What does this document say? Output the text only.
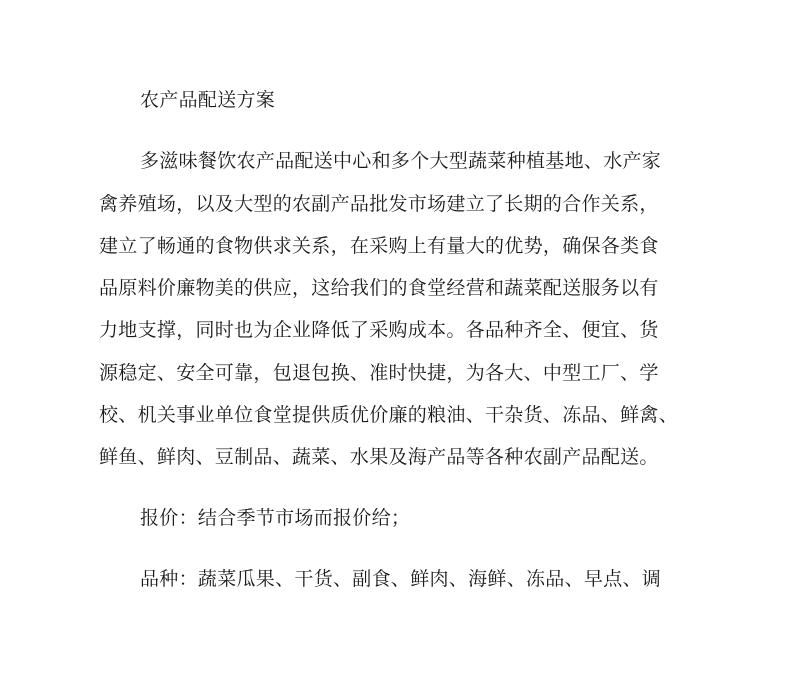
农产品配送方案
多滋味餐饮农产品配送中心和多个大型蔬菜种植基地、水产家
禽养殖场，以及大型的农副产品批发市场建立了长期的合作关系，
建立了畅通的食物供求关系，在采购上有量大的优势，确保各类食
品原料价廉物美的供应，这给我们的食堂经营和蔬菜配送服务以有
力地支撑，同时也为企业降低了采购成本。各品种齐全、便宜、货
源稳定、安全可靠，包退包换、准时快捷，为各大、中型工厂、学
校、机关事业单位食堂提供质优价廉的粮油、干杂货、冻品、鲜禽、
鲜鱼、鲜肉、豆制品、蔬菜、水果及海产品等各种农副产品配送。
报价：结合季节市场而报价给；
品种：蔬菜瓜果、干货、副食、鲜肉、海鲜、冻品、早点、调
